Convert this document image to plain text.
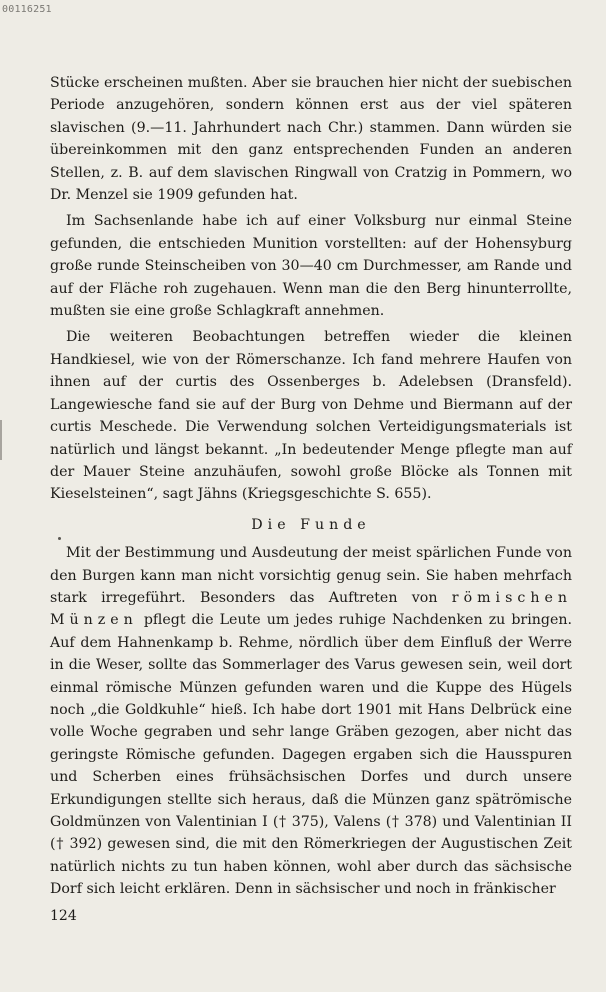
00116251

Stücke erscheinen mußten. Aber sie brauchen hier nicht der suebischen Periode anzugehören, sondern können erst aus der viel späteren slavischen (9.—11. Jahrhundert nach Chr.) stammen. Dann würden sie übereinkommen mit den ganz entsprechenden Funden an anderen Stellen, z. B. auf dem slavischen Ringwall von Cratzig in Pommern, wo Dr. Menzel sie 1909 gefunden hat.

Im Sachsenlande habe ich auf einer Volksburg nur einmal Steine gefunden, die entschieden Munition vorstellten: auf der Hohensyburg große runde Steinscheiben von 30—40 cm Durchmesser, am Rande und auf der Fläche roh zugehauen. Wenn man die den Berg hinunterrollte, mußten sie eine große Schlagkraft annehmen.

Die weiteren Beobachtungen betreffen wieder die kleinen Handkiesel, wie von der Römerschanze. Ich fand mehrere Haufen von ihnen auf der curtis des Ossenberges b. Adelebsen (Dransfeld). Langewiesche fand sie auf der Burg von Dehme und Biermann auf der curtis Meschede. Die Verwendung solchen Verteidigungsmaterials ist natürlich und längst bekannt. „In bedeutender Menge pflegte man auf der Mauer Steine anzuhäufen, sowohl große Blöcke als Tonnen mit Kieselsteinen“, sagt Jähns (Kriegsgeschichte S. 655).

Die Funde

Mit der Bestimmung und Ausdeutung der meist spärlichen Funde von den Burgen kann man nicht vorsichtig genug sein. Sie haben mehrfach stark irregeführt. Besonders das Auftreten von römischen Münzen pflegt die Leute um jedes ruhige Nachdenken zu bringen. Auf dem Hahnenkamp b. Rehme, nördlich über dem Einfluß der Werre in die Weser, sollte das Sommerlager des Varus gewesen sein, weil dort einmal römische Münzen gefunden waren und die Kuppe des Hügels noch „die Goldkuhle“ hieß. Ich habe dort 1901 mit Hans Delbrück eine volle Woche gegraben und sehr lange Gräben gezogen, aber nicht das geringste Römische gefunden. Dagegen ergaben sich die Hausspuren und Scherben eines frühsächsischen Dorfes und durch unsere Erkundigungen stellte sich heraus, daß die Münzen ganz spätrömische Goldmünzen von Valentinian I († 375), Valens († 378) und Valentinian II († 392) gewesen sind, die mit den Römerkriegen der Augustischen Zeit natürlich nichts zu tun haben können, wohl aber durch das sächsische Dorf sich leicht erklären. Denn in sächsischer und noch in fränkischer

124
